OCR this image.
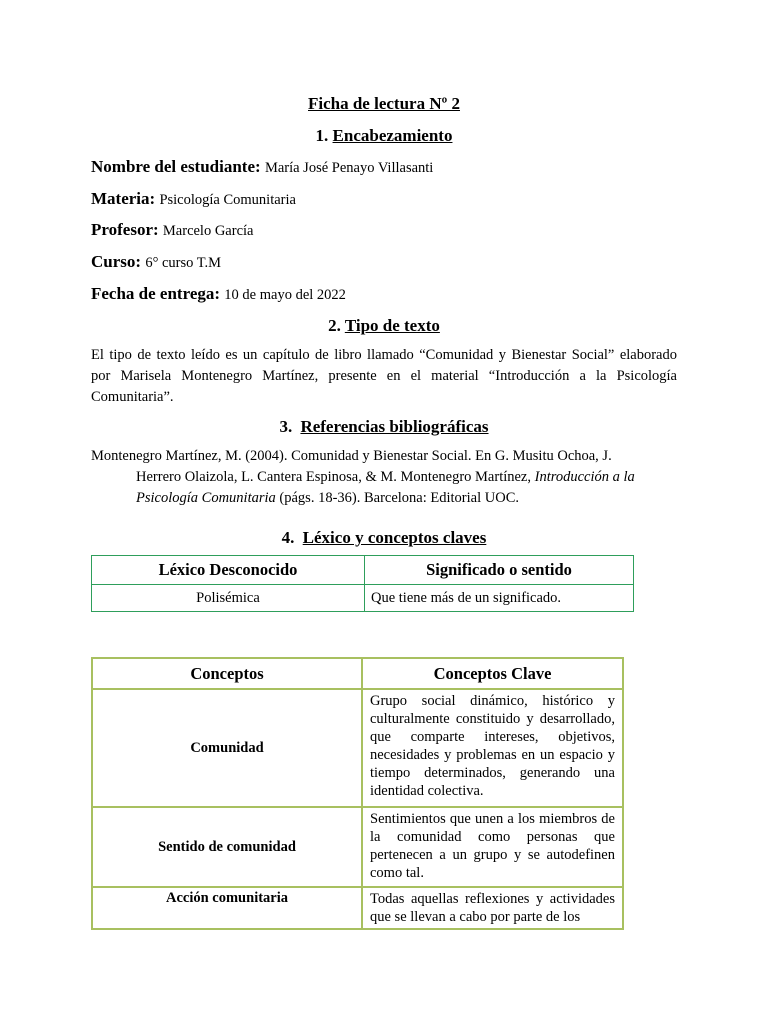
Ficha de lectura Nº 2
1. Encabezamiento
Nombre del estudiante: María José Penayo Villasanti
Materia: Psicología Comunitaria
Profesor: Marcelo García
Curso: 6° curso T.M
Fecha de entrega: 10 de mayo del 2022
2. Tipo de texto
El tipo de texto leído es un capítulo de libro llamado “Comunidad y Bienestar Social” elaborado
por Marisela Montenegro Martínez, presente en el material “Introducción a la Psicología
Comunitaria”.
3. Referencias bibliográficas
Montenegro Martínez, M. (2004). Comunidad y Bienestar Social. En G. Musitu Ochoa, J.
Herrero Olaizola, L. Cantera Espinosa, & M. Montenegro Martínez, Introducción a la
Psicología Comunitaria (págs. 18-36). Barcelona: Editorial UOC.
4. Léxico y conceptos claves
Léxico Desconocido	Significado o sentido
Polisémica	Que tiene más de un significado.
Conceptos	Conceptos Clave
Comunidad	Grupo social dinámico, histórico y culturalmente constituido y desarrollado, que comparte intereses, objetivos, necesidades y problemas en un espacio y tiempo determinados, generando una identidad colectiva.
Sentido de comunidad	Sentimientos que unen a los miembros de la comunidad como personas que pertenecen a un grupo y se autodefinen como tal.
Acción comunitaria	Todas aquellas reflexiones y actividades que se llevan a cabo por parte de los
